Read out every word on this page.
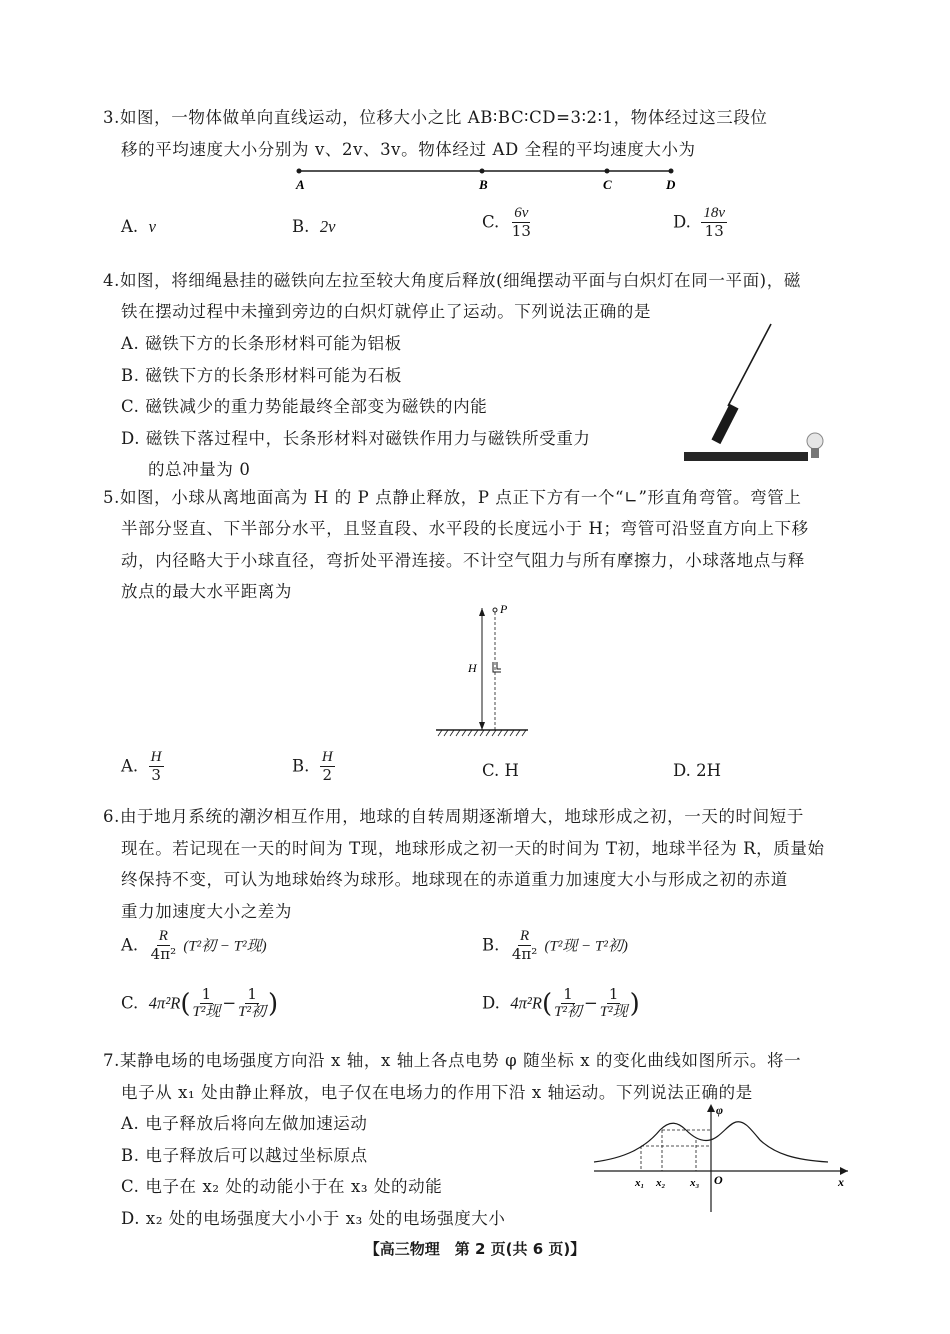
3.如图，一物体做单向直线运动，位移大小之比 AB∶BC∶CD=3∶2∶1，物体经过这三段位
移的平均速度大小分别为 v、2v、3v。物体经过 AD 全程的平均速度大小为
A	B	C	D
A. v	B. 2v	C. $\frac{6v}{13}$	D. $\frac{18v}{13}$
4.如图，将细绳悬挂的磁铁向左拉至较大角度后释放(细绳摆动平面与白炽灯在同一平面)，磁
铁在摆动过程中未撞到旁边的白炽灯就停止了运动。下列说法正确的是
A. 磁铁下方的长条形材料可能为铝板
B. 磁铁下方的长条形材料可能为石板
C. 磁铁减少的重力势能最终全部变为磁铁的内能
D. 磁铁下落过程中，长条形材料对磁铁作用力与磁铁所受重力
的总冲量为 0
5.如图，小球从离地面高为 H 的 P 点静止释放，P 点正下方有一个“∟”形直角弯管。弯管上
半部分竖直、下半部分水平，且竖直段、水平段的长度远小于 H；弯管可沿竖直方向上下移
动，内径略大于小球直径，弯折处平滑连接。不计空气阻力与所有摩擦力，小球落地点与释
放点的最大水平距离为
P
H
A. $\frac{H}{3}$	B. $\frac{H}{2}$	C. H	D. 2H
6.由于地月系统的潮汐相互作用，地球的自转周期逐渐增大，地球形成之初，一天的时间短于
现在。若记现在一天的时间为 T现，地球形成之初一天的时间为 T初，地球半径为 R，质量始
终保持不变，可认为地球始终为球形。地球现在的赤道重力加速度大小与形成之初的赤道
重力加速度大小之差为
A. $\frac{R}{\text{4π²}} (T^2$初 − T²现)	B. $\frac{R}{\text{4π²}} (T^2$现 − T²初)
C. $4\pi^2R( \frac{1}{\text{T²现}} - \frac{1}{\text{T²初}}$ )	D. $4\pi^2R( \frac{1}{\text{T²初}} - \frac{1}{\text{T²现}}$ )
7.某静电场的电场强度方向沿 x 轴，x 轴上各点电势 φ 随坐标 x 的变化曲线如图所示。将一
电子从 x₁ 处由静止释放，电子仅在电场力的作用下沿 x 轴运动。下列说法正确的是
A. 电子释放后将向左做加速运动
B. 电子释放后可以越过坐标原点
C. 电子在 x₂ 处的动能小于在 x₃ 处的动能
D. x₂ 处的电场强度大小小于 x₃ 处的电场强度大小
φ
x
O
x₁ x₂ x₃
【高三物理　第 2 页(共 6 页)】
